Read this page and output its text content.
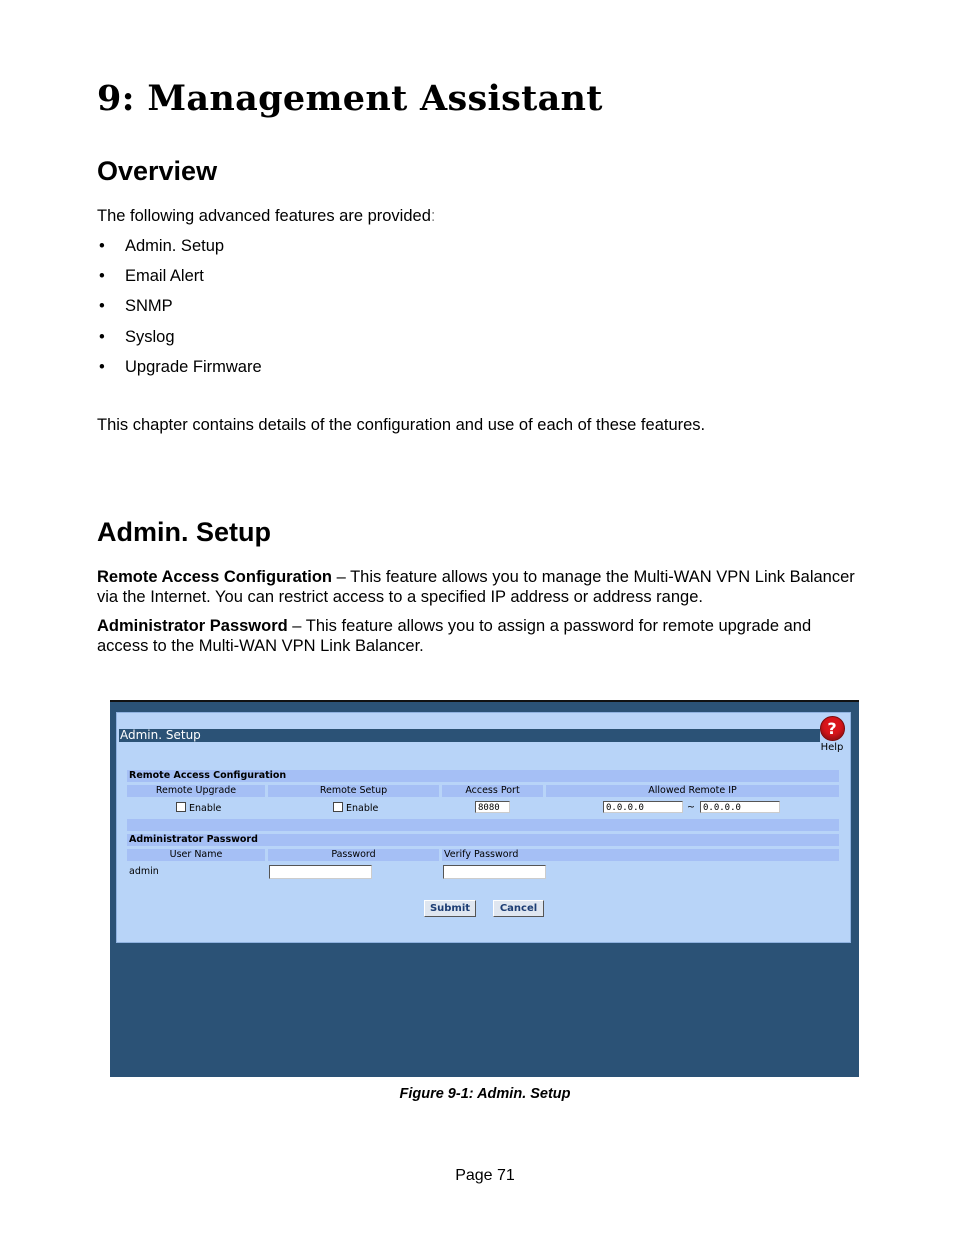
9: Management Assistant
Overview

The following advanced features are provided:

• Admin. Setup
• Email Alert
• SNMP
• Syslog
• Upgrade Firmware

This chapter contains details of the configuration and use of each of these features.

Admin. Setup

Remote Access Configuration – This feature allows you to manage the Multi-WAN VPN Link Balancer via the Internet. You can restrict access to a specified IP address or address range.

Administrator Password – This feature allows you to assign a password for remote upgrade and access to the Multi-WAN VPN Link Balancer.

Admin. Setup	?
Help
Remote Access Configuration
Remote Upgrade	Remote Setup	Access Port	Allowed Remote IP
Enable	Enable	8080	0.0.0.0	~ 0.0.0.0
Administrator Password
User Name	Password	Verify Password
admin
Submit	Cancel
Figure 9-1: Admin. Setup
Page 71
